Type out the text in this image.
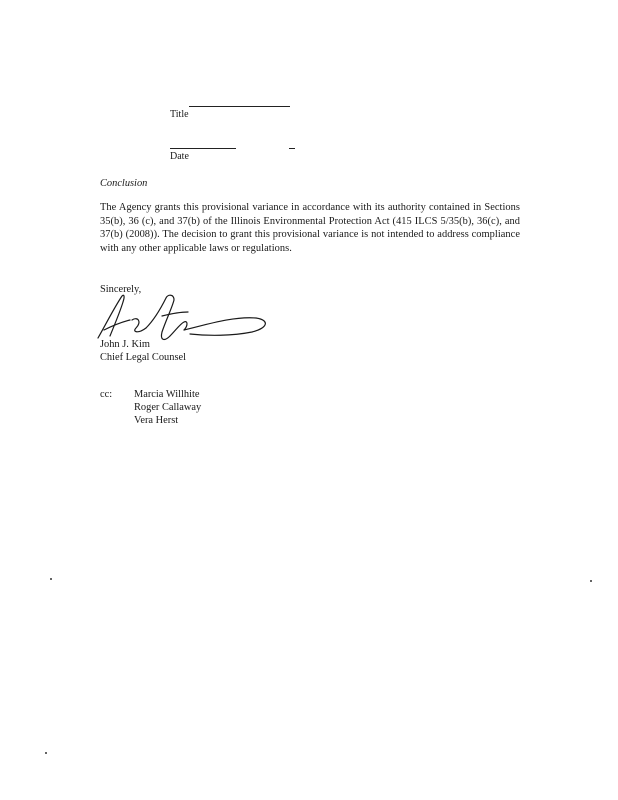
Title
Date
Conclusion
The Agency grants this provisional variance in accordance with its authority contained in Sections 35(b), 36 (c), and 37(b) of the Illinois Environmental Protection Act (415 ILCS 5/35(b), 36(c), and 37(b) (2008)). The decision to grant this provisional variance is not intended to address compliance with any other applicable laws or regulations.
Sincerely,
John J. Kim
Chief Legal Counsel
cc: Marcia Willhite
Roger Callaway
Vera Herst
